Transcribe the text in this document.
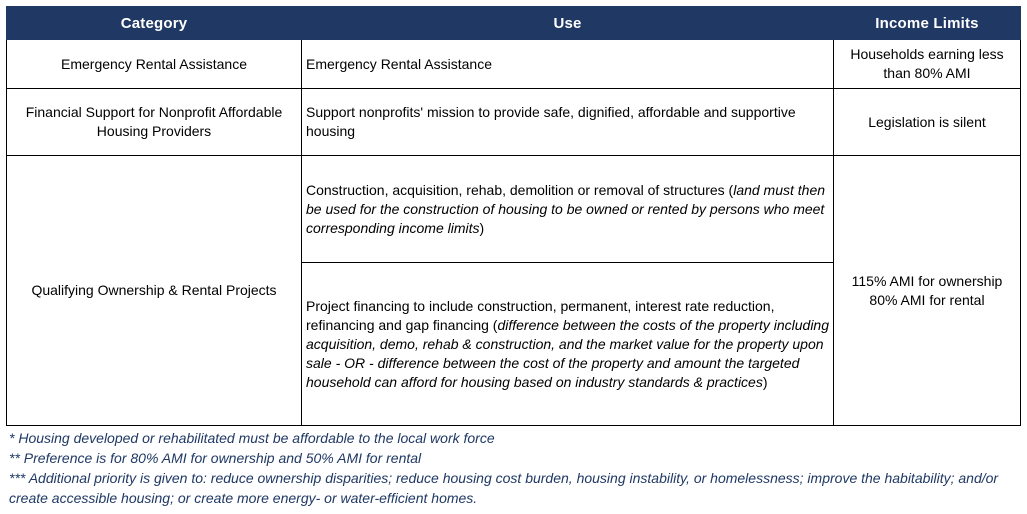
Category	Use	Income Limits
Emergency Rental Assistance	Emergency Rental Assistance	Households earning less
than 80% AMI

Financial Support for Nonprofit Affordable
Housing Providers	Support nonprofits' mission to provide safe, dignified, affordable and supportive housing	Legislation is silent
Qualifying Ownership & Rental Projects	Construction, acquisition, rehab, demolition or removal of structures (land must then be used for the construction of housing to be owned or rented by persons who meet corresponding income limits)	115% AMI for ownership
80% AMI for rental

	Project financing to include construction, permanent, interest rate reduction, refinancing and gap financing (difference between the costs of the property including acquisition, demo, rehab & construction, and the market value for the property upon sale - OR - difference between the cost of the property and amount the targeted household can afford for housing based on industry standards & practices)	
* Housing developed or rehabilitated must be affordable to the local work force
** Preference is for 80% AMI for ownership and 50% AMI for rental
*** Additional priority is given to: reduce ownership disparities; reduce housing cost burden, housing instability, or homelessness; improve the habitability; and/or create accessible housing; or create more energy- or water-efficient homes.
